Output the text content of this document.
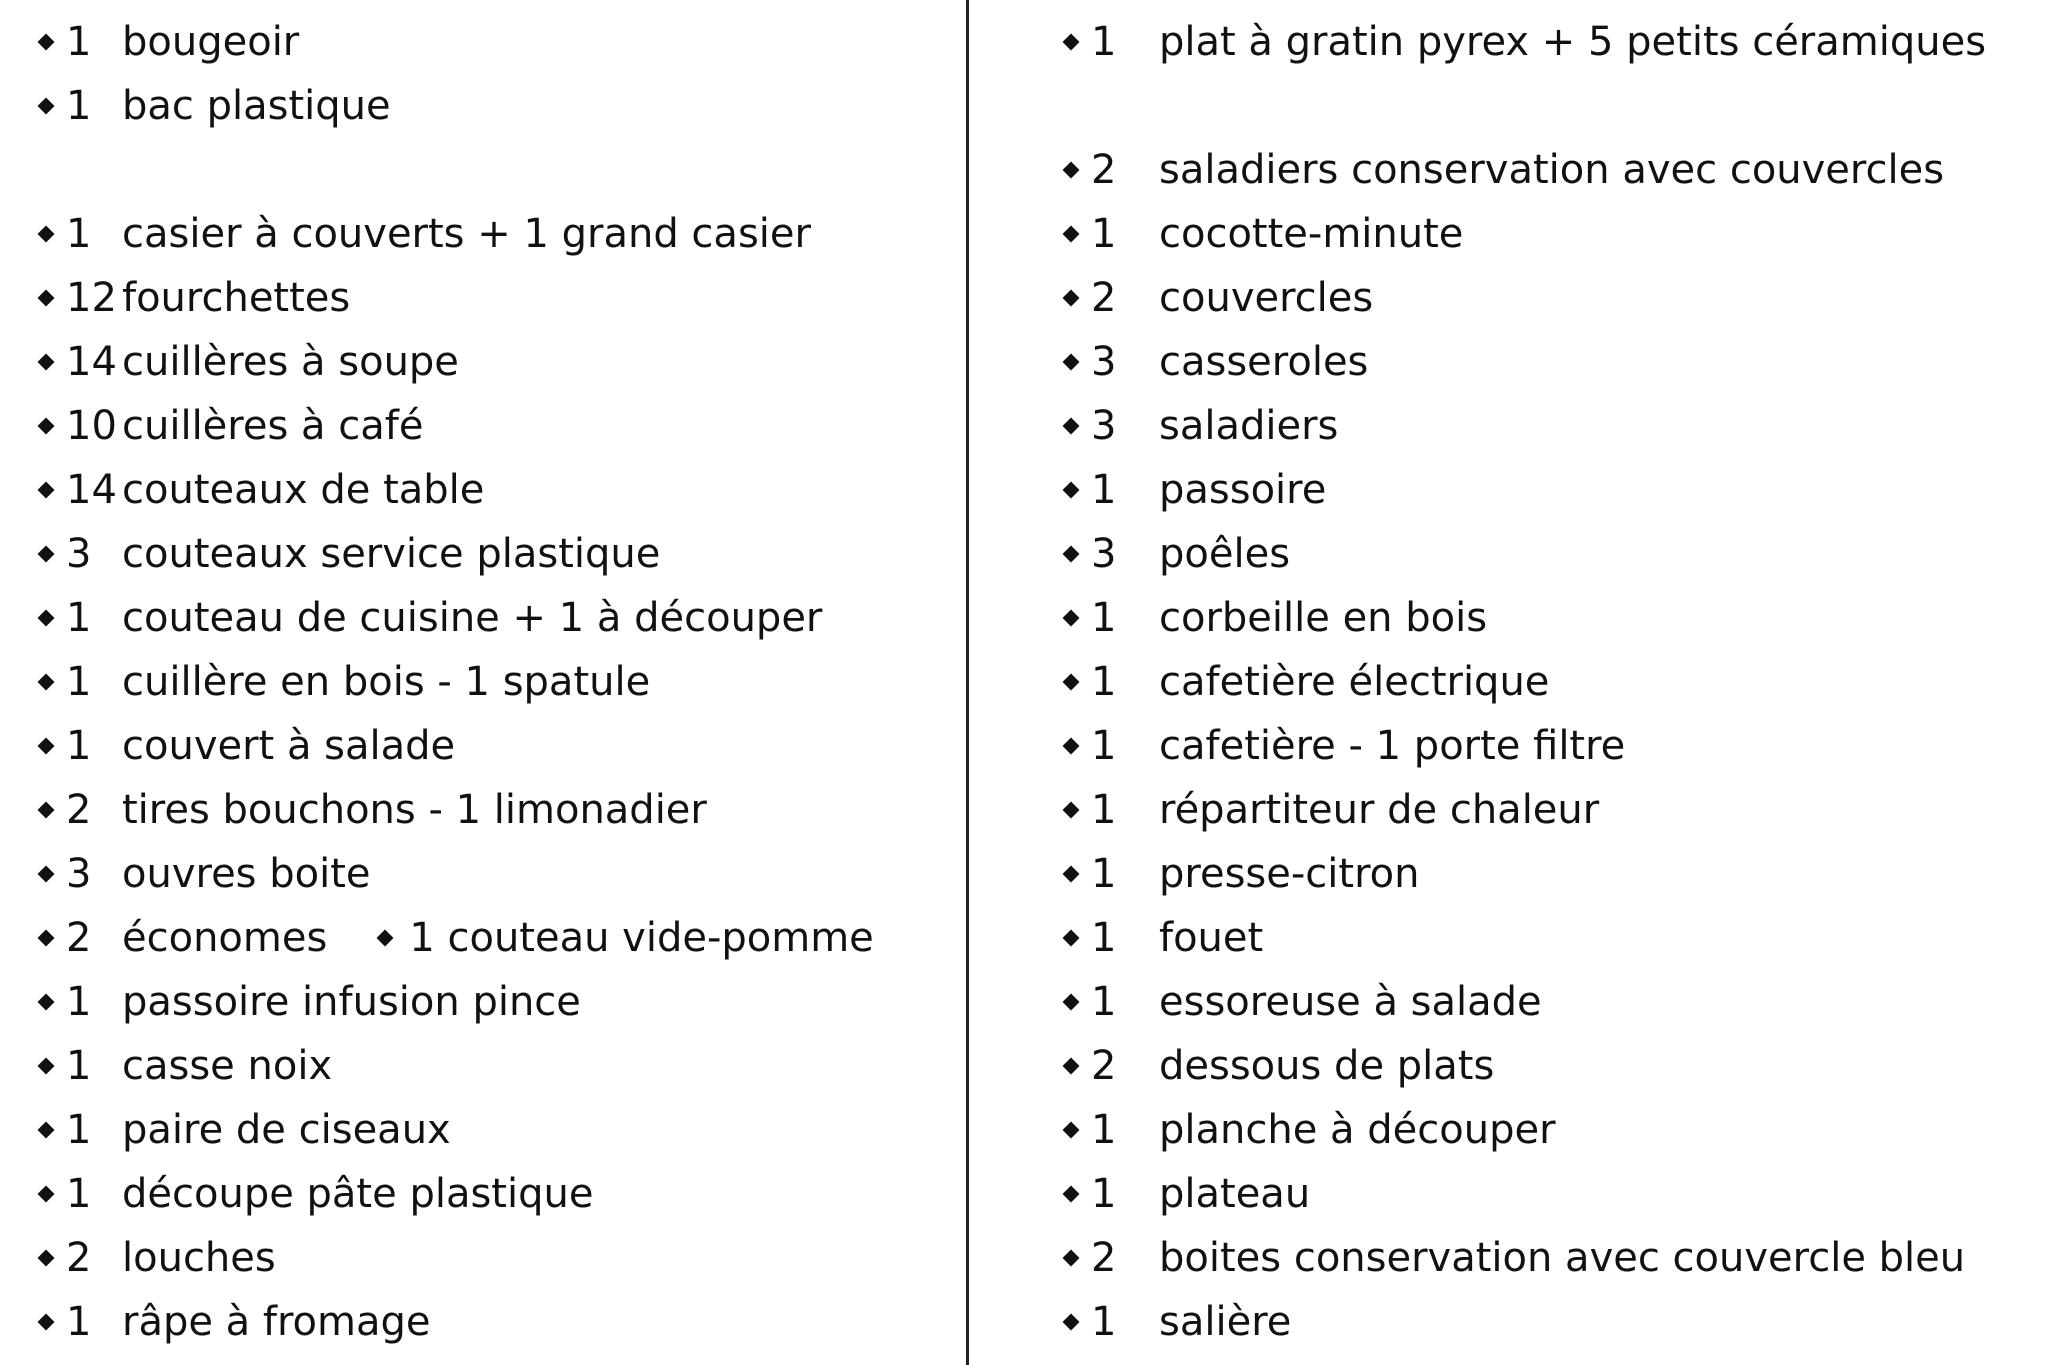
1 bougeoir
1 bac plastique
1 casier à couverts + 1 grand casier
12 fourchettes
14 cuillères à soupe
10 cuillères à café
14 couteaux de table
3 couteaux service plastique
1 couteau de cuisine + 1 à découper
1 cuillère en bois - 1 spatule
1 couvert à salade
2 tires bouchons - 1 limonadier
3 ouvres boite
2 économes 1 couteau vide-pomme
1 passoire infusion pince
1 casse noix
1 paire de ciseaux
1 découpe pâte plastique
2 louches
1 râpe à fromage
1	plat à gratin pyrex + 5 petits céramiques
2	saladiers conservation avec couvercles
1	cocotte-minute
2	couvercles
3	casseroles
3	saladiers
1	passoire
3	poêles
1	corbeille en bois
1	cafetière électrique
1	cafetière - 1 porte filtre
1	répartiteur de chaleur
1	presse-citron
1	fouet
1	essoreuse à salade
2	dessous de plats
1	planche à découper
1	plateau
2	boites conservation avec couvercle bleu
1	salière
